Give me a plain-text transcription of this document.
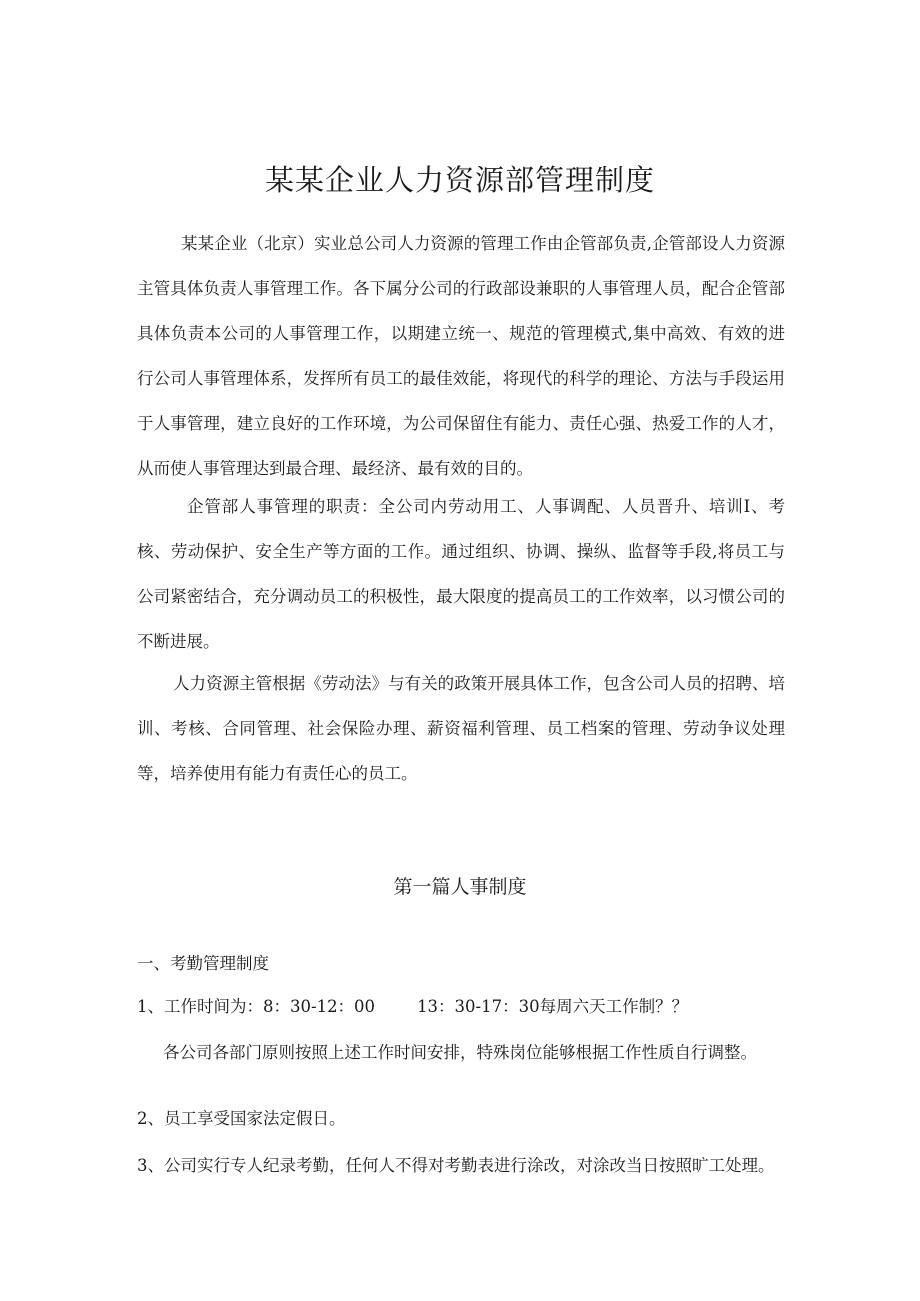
某某企业人力资源部管理制度

某某企业（北京）实业总公司人力资源的管理工作由企管部负责,企管部设人力资源主管具体负责人事管理工作。各下属分公司的行政部设兼职的人事管理人员，配合企管部具体负责本公司的人事管理工作，以期建立统一、规范的管理模式,集中高效、有效的进行公司人事管理体系，发挥所有员工的最佳效能，将现代的科学的理论、方法与手段运用于人事管理，建立良好的工作环境，为公司保留住有能力、责任心强、热爱工作的人才，从而使人事管理达到最合理、最经济、最有效的目的。

企管部人事管理的职责：全公司内劳动用工、人事调配、人员晋升、培训I、考核、劳动保护、安全生产等方面的工作。通过组织、协调、操纵、监督等手段,将员工与公司紧密结合，充分调动员工的积极性，最大限度的提高员工的工作效率，以习惯公司的不断进展。

人力资源主管根据《劳动法》与有关的政策开展具体工作，包含公司人员的招聘、培训、考核、合同管理、社会保险办理、薪资福利管理、员工档案的管理、劳动争议处理等，培养使用有能力有责任心的员工。

第一篇人事制度

一、考勤管理制度

1、工作时间为：8：30-12：00	13：30-17：30每周六天工作制？？

各公司各部门原则按照上述工作时间安排，特殊岗位能够根据工作性质自行调整。

2、员工享受国家法定假日。

3、公司实行专人纪录考勤，任何人不得对考勤表进行涂改，对涂改当日按照旷工处理。
